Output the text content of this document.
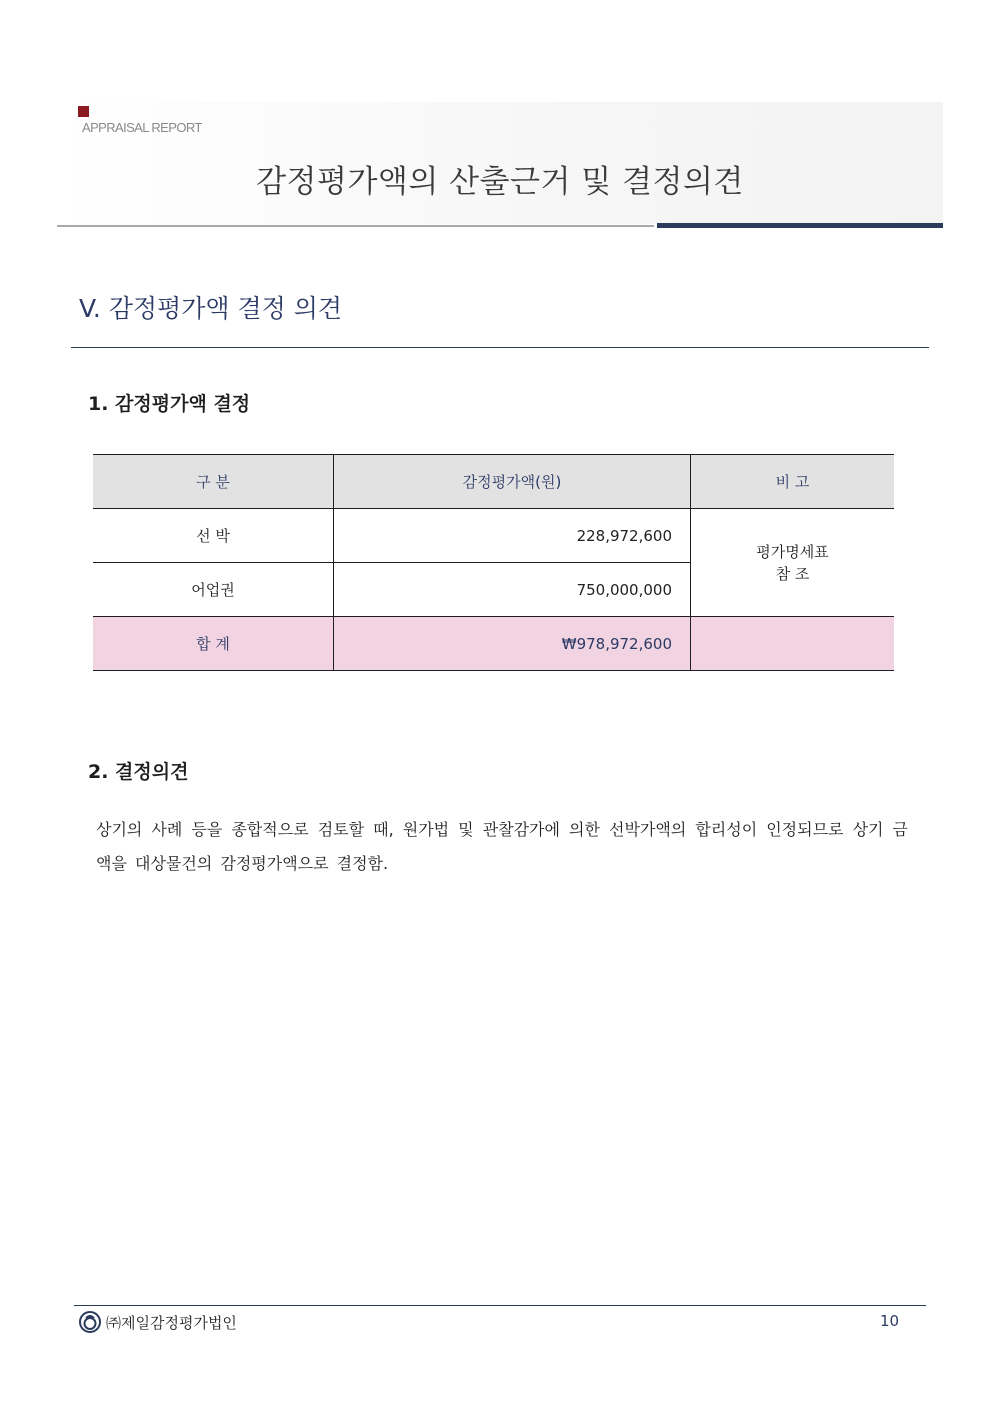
APPRAISAL REPORT
감정평가액의 산출근거 및 결정의견
V. 감정평가액 결정 의견
1. 감정평가액 결정
구 분	감정평가액(원)	비 고
선 박	228,972,600	평가명세표
참 조

어업권	750,000,000	
합 계	₩978,972,600	
2. 결정의견
상기의 사례 등을 종합적으로 검토할 때, 원가법 및 관찰감가에 의한 선박가액의 합리성이 인정되므로 상기 금액을 대상물건의 감정평가액으로 결정함.
㈜제일감정평가법인	10
